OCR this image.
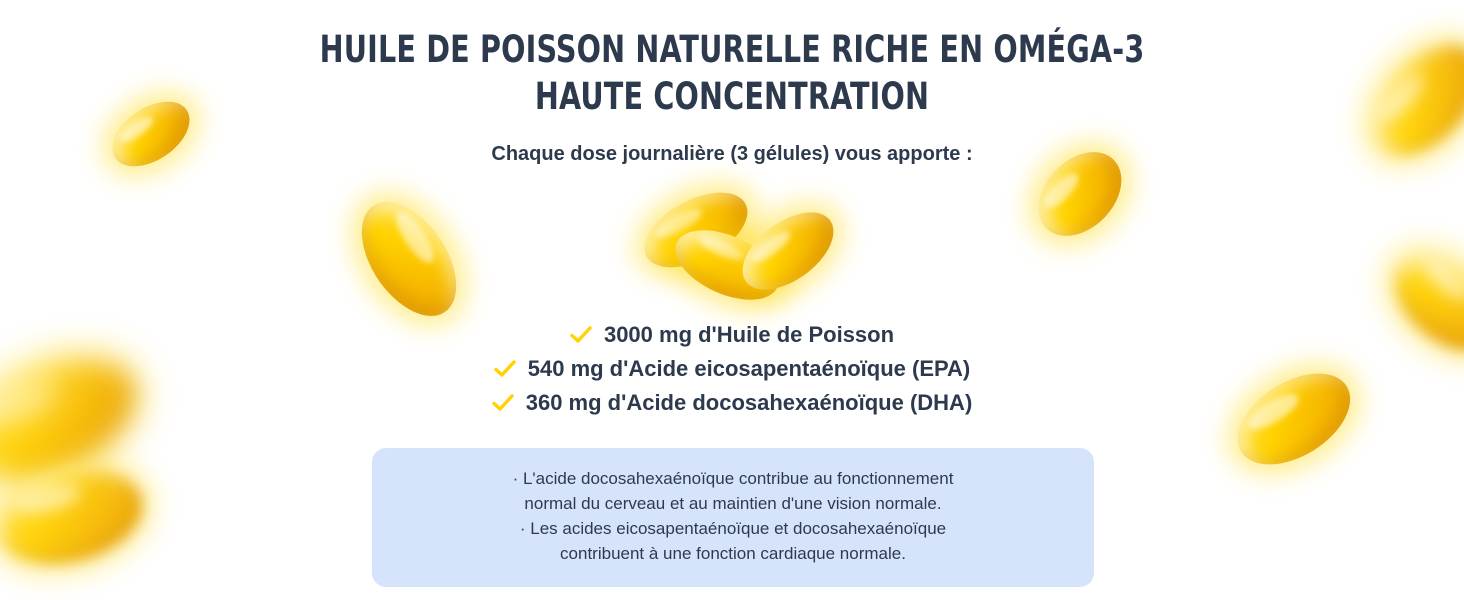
HUILE DE POISSON NATURELLE RICHE EN OMÉGA-3
HAUTE CONCENTRATION

Chaque dose journalière (3 gélules) vous apporte :

3000 mg d'Huile de Poisson
540 mg d'Acide eicosapentaénoïque (EPA)
360 mg d'Acide docosahexaénoïque (DHA)

· L'acide docosahexaénoïque contribue au fonctionnement

normal du cerveau et au maintien d'une vision normale.

· Les acides eicosapentaénoïque et docosahexaénoïque

contribuent à une fonction cardiaque normale.
